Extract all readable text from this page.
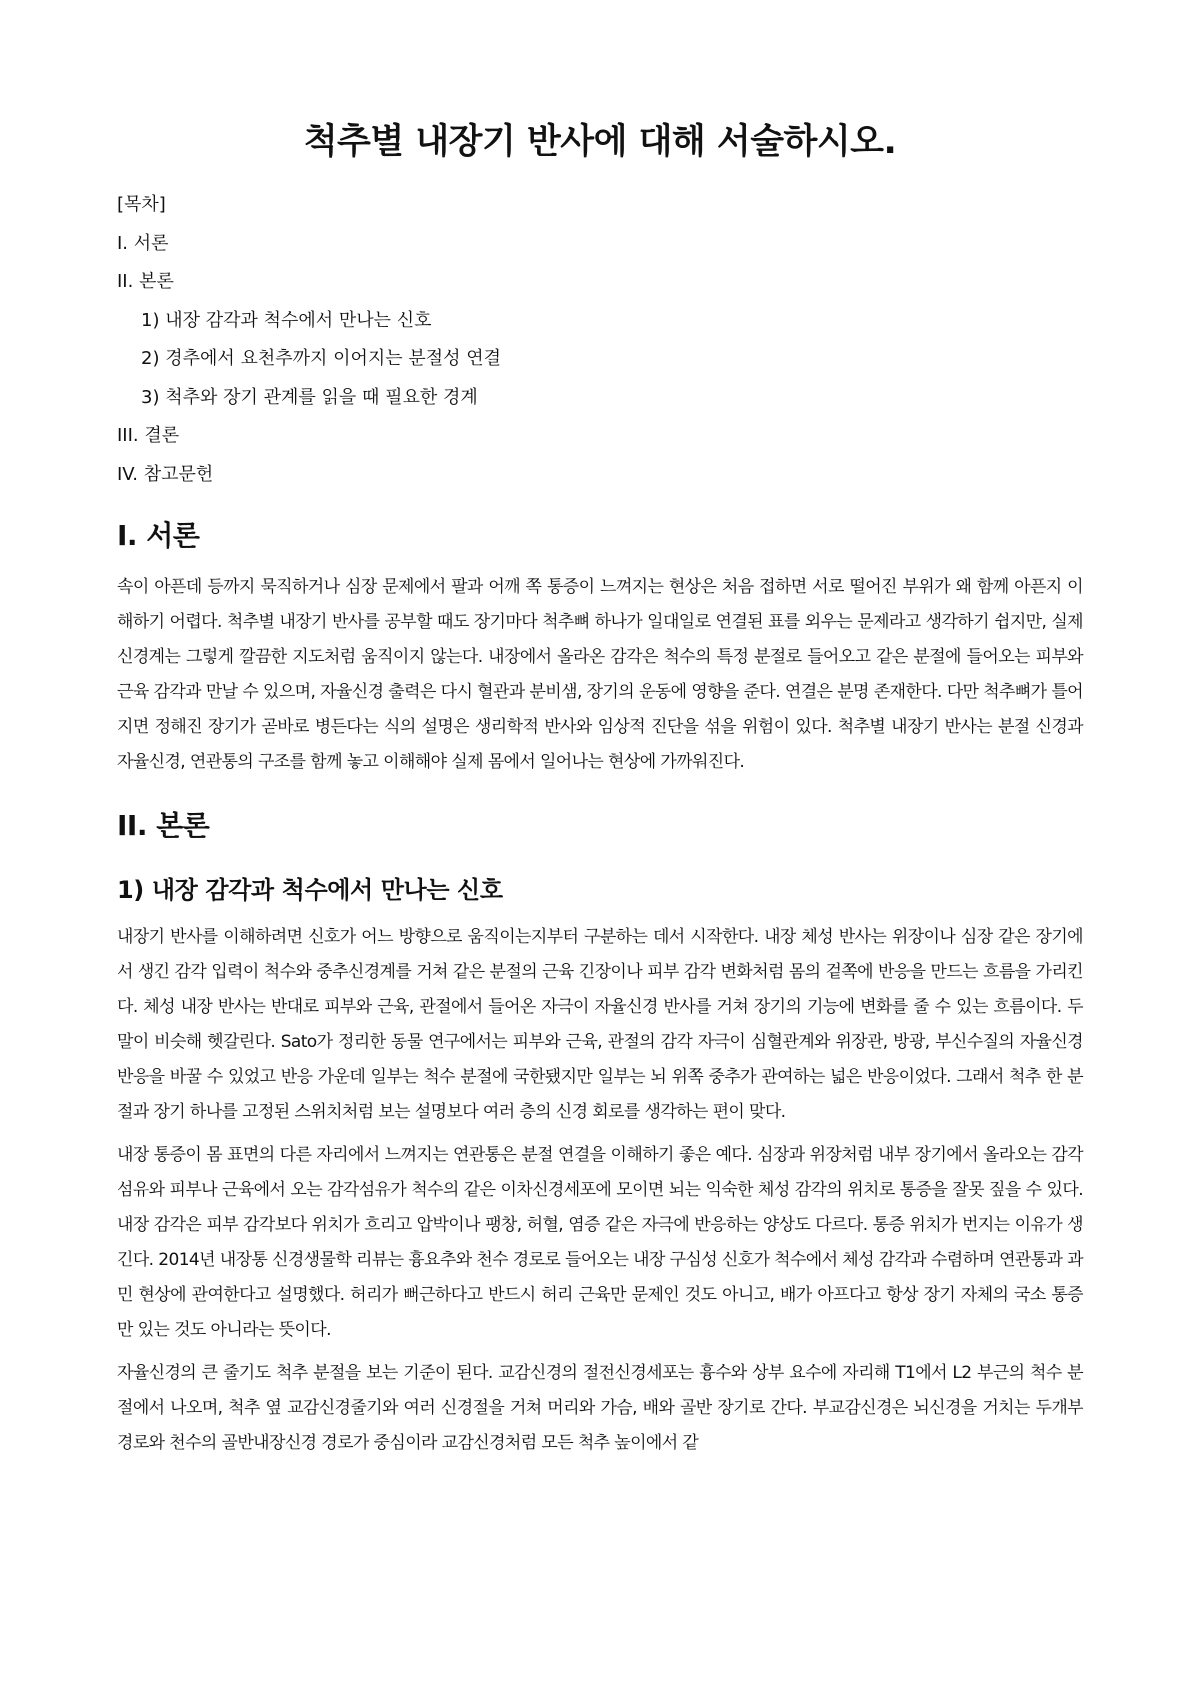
척추별 내장기 반사에 대해 서술하시오.
[목차]
I. 서론
II. 본론
1) 내장 감각과 척수에서 만나는 신호
2) 경추에서 요천추까지 이어지는 분절성 연결
3) 척추와 장기 관계를 읽을 때 필요한 경계
III. 결론
IV. 참고문헌
I. 서론

속이 아픈데 등까지 묵직하거나 심장 문제에서 팔과 어깨 쪽 통증이 느껴지는 현상은 처음 접하면 서로 떨어진 부위가 왜 함께 아픈지 이해하기 어렵다. 척추별 내장기 반사를 공부할 때도 장기마다 척추뼈 하나가 일대일로 연결된 표를 외우는 문제라고 생각하기 쉽지만, 실제 신경계는 그렇게 깔끔한 지도처럼 움직이지 않는다. 내장에서 올라온 감각은 척수의 특정 분절로 들어오고 같은 분절에 들어오는 피부와 근육 감각과 만날 수 있으며, 자율신경 출력은 다시 혈관과 분비샘, 장기의 운동에 영향을 준다. 연결은 분명 존재한다. 다만 척추뼈가 틀어지면 정해진 장기가 곧바로 병든다는 식의 설명은 생리학적 반사와 임상적 진단을 섞을 위험이 있다. 척추별 내장기 반사는 분절 신경과 자율신경, 연관통의 구조를 함께 놓고 이해해야 실제 몸에서 일어나는 현상에 가까워진다.

II. 본론
1) 내장 감각과 척수에서 만나는 신호

내장기 반사를 이해하려면 신호가 어느 방향으로 움직이는지부터 구분하는 데서 시작한다. 내장 체성 반사는 위장이나 심장 같은 장기에서 생긴 감각 입력이 척수와 중추신경계를 거쳐 같은 분절의 근육 긴장이나 피부 감각 변화처럼 몸의 겉쪽에 반응을 만드는 흐름을 가리킨다. 체성 내장 반사는 반대로 피부와 근육, 관절에서 들어온 자극이 자율신경 반사를 거쳐 장기의 기능에 변화를 줄 수 있는 흐름이다. 두 말이 비슷해 헷갈린다. Sato가 정리한 동물 연구에서는 피부와 근육, 관절의 감각 자극이 심혈관계와 위장관, 방광, 부신수질의 자율신경 반응을 바꿀 수 있었고 반응 가운데 일부는 척수 분절에 국한됐지만 일부는 뇌 위쪽 중추가 관여하는 넓은 반응이었다. 그래서 척추 한 분절과 장기 하나를 고정된 스위치처럼 보는 설명보다 여러 층의 신경 회로를 생각하는 편이 맞다.

내장 통증이 몸 표면의 다른 자리에서 느껴지는 연관통은 분절 연결을 이해하기 좋은 예다. 심장과 위장처럼 내부 장기에서 올라오는 감각섬유와 피부나 근육에서 오는 감각섬유가 척수의 같은 이차신경세포에 모이면 뇌는 익숙한 체성 감각의 위치로 통증을 잘못 짚을 수 있다. 내장 감각은 피부 감각보다 위치가 흐리고 압박이나 팽창, 허혈, 염증 같은 자극에 반응하는 양상도 다르다. 통증 위치가 번지는 이유가 생긴다. 2014년 내장통 신경생물학 리뷰는 흉요추와 천수 경로로 들어오는 내장 구심성 신호가 척수에서 체성 감각과 수렴하며 연관통과 과민 현상에 관여한다고 설명했다. 허리가 뻐근하다고 반드시 허리 근육만 문제인 것도 아니고, 배가 아프다고 항상 장기 자체의 국소 통증만 있는 것도 아니라는 뜻이다.

자율신경의 큰 줄기도 척추 분절을 보는 기준이 된다. 교감신경의 절전신경세포는 흉수와 상부 요수에 자리해 T1에서 L2 부근의 척수 분절에서 나오며, 척추 옆 교감신경줄기와 여러 신경절을 거쳐 머리와 가슴, 배와 골반 장기로 간다. 부교감신경은 뇌신경을 거치는 두개부 경로와 천수의 골반내장신경 경로가 중심이라 교감신경처럼 모든 척추 높이에서 같
